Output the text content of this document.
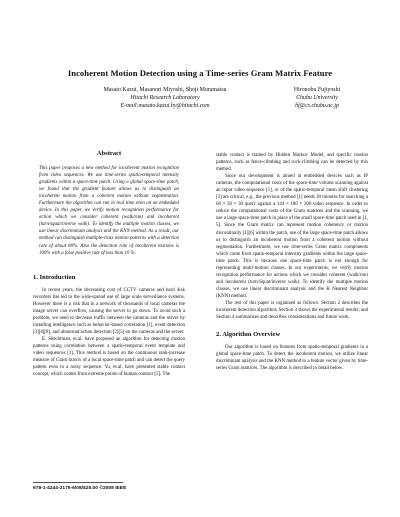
Incoherent Motion Detection using a Time-series Gram Matrix Feature
Masato Kazui, Masanori Miyoshi, Shoji Muramatsu
Hitachi Research Laboratory
E-mail:masato.kazui.by@hitachi.com
Hironobu Fujiyoshi
Chubu University
hf@cs.chubu.ac.jp
Abstract

This paper proposes a new method for incoherent motion recognition from video sequences. We use time-series spatio-temporal intensity gradients within a space-time patch. Using a global space-time patch, we found that the gradient feature allows us to distinguish an incoherent motion from a coherent motion without segmentation. Furthermore the algorithm can run in real time even on an embedded device. In this paper, we verify motion recognition performance for action which we consider coherent (walk/run) and incoherent (turn/squat/inverse walk). To identify the multiple motion classes, we use linear discriminant analysis and the KNN method. As a result, our method can distinguish multiple-class motion patterns with a detection rate of about 80%. Also the detection rate of incoherent motions is 100% with a false positive rate of less than 10 %.

1. Introduction

In recent years, the decreasing cost of CCTV cameras and hard disk recorders has led to the wide-spread use of large scale surveillance systems. However there is a risk that in a network of thousands of local cameras the image server can overflow, causing the server to go down. To avoid such a problem, we need to decrease traffic between the cameras and the server by installing intelligence such as behavior-based correlation [1], event detection [3][4][8], and abnormal action detection [2][5] on the cameras and the server.

E. Shechtman, et.al. have proposed an algorithm for detecting motion patterns using correlation between a spatio-temporal event template and video sequences [1]. This method is based on the continuous rank-increase measure of Gram matrix of a local space-time patch and can detect the query pattern even in a noisy sequence. Yu, et.al. have presented stable contact concept, which comes from extreme points of human contour [5]. The

stable contact is trained by Hidden Markov Model, and specific motion patterns, such as fence-climbing and rock-climbing can be detected by this method.

Since our development is aimed at embedded devices such as IP cameras, the computational costs of the space-time volume scanning against an input video sequence [1], or of the spatio-temporal mean shift clustering [3] are critical, e.g., the previous method [1] needs 30 minutes for searching a 60 × 30 × 30 query against a 144 × 180 × 200 video sequence. In order to reduce the computational costs of the Gram matrices and the scanning, we use a large space-time patch in place of the small space-time patch used in [1, 5]. Since the Gram matrix can represent motion coherency or motion discontinuity [1][6] within the patch, use of the large space-time patch allows us to distinguish an incoherent motion from a coherent motion without segmentation. Furthermore, we use time-series Gram matrix components which come from spatio-temporal intensity gradients within the large space-time patch. This is because one space-time patch is not enough for representing multi-motion classes. In our experiments, we verify motion recognition performance for actions which we consider coherent (walk/run) and incoherent (turn/Squat/inverse walk). To identify the multiple motion classes, we use linear discriminant analysis and the K Nearest Neighbor (KNN) method.

The rest of this paper is organized as follows: Section 2 describes the incoherent detection algorithm; Section 3 shows the experimental results; and Section 4 summarizes and describes considerations and future work.

2. Algorithm Overview

Our algorithm is based on features from spatio-temporal gradients in a global space-time patch. To detect the incoherent motion, we utilize linear discriminant analysis and the KNN method to a feature vector given by time-series Gram matrices. The algorithm is described in detail below.

978-1-4244-2175-6/08/$25.00 ©2008 IEEE
